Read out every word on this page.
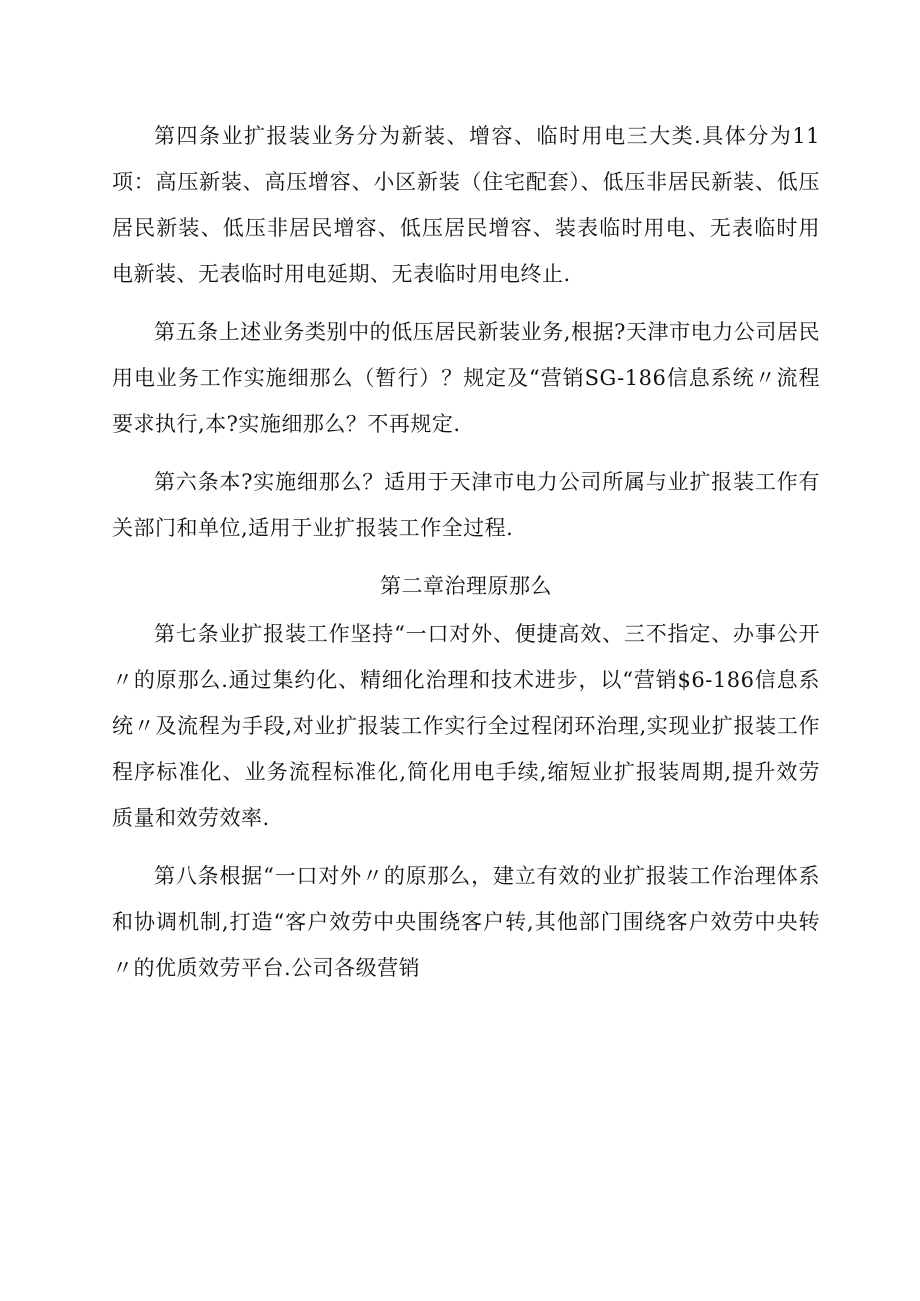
第四条业扩报装业务分为新装、增容、临时用电三大类.具体分为11项：高压新装、高压增容、小区新装（住宅配套）、低压非居民新装、低压居民新装、低压非居民增容、低压居民增容、装表临时用电、无表临时用电新装、无表临时用电延期、无表临时用电终止.

第五条上述业务类别中的低压居民新装业务,根据?天津市电力公司居民用电业务工作实施细那么（暂行）？规定及“营销SG-186信息系统〃流程要求执行,本?实施细那么？不再规定.

第六条本?实施细那么？适用于天津市电力公司所属与业扩报装工作有关部门和单位,适用于业扩报装工作全过程.

第二章治理原那么

第七条业扩报装工作坚持“一口对外、便捷高效、三不指定、办事公开〃的原那么.通过集约化、精细化治理和技术进步，以“营销$6-186信息系统〃及流程为手段,对业扩报装工作实行全过程闭环治理,实现业扩报装工作程序标准化、业务流程标准化,简化用电手续,缩短业扩报装周期,提升效劳质量和效劳效率.

第八条根据“一口对外〃的原那么，建立有效的业扩报装工作治理体系和协调机制,打造“客户效劳中央围绕客户转,其他部门围绕客户效劳中央转〃的优质效劳平台.公司各级营销
